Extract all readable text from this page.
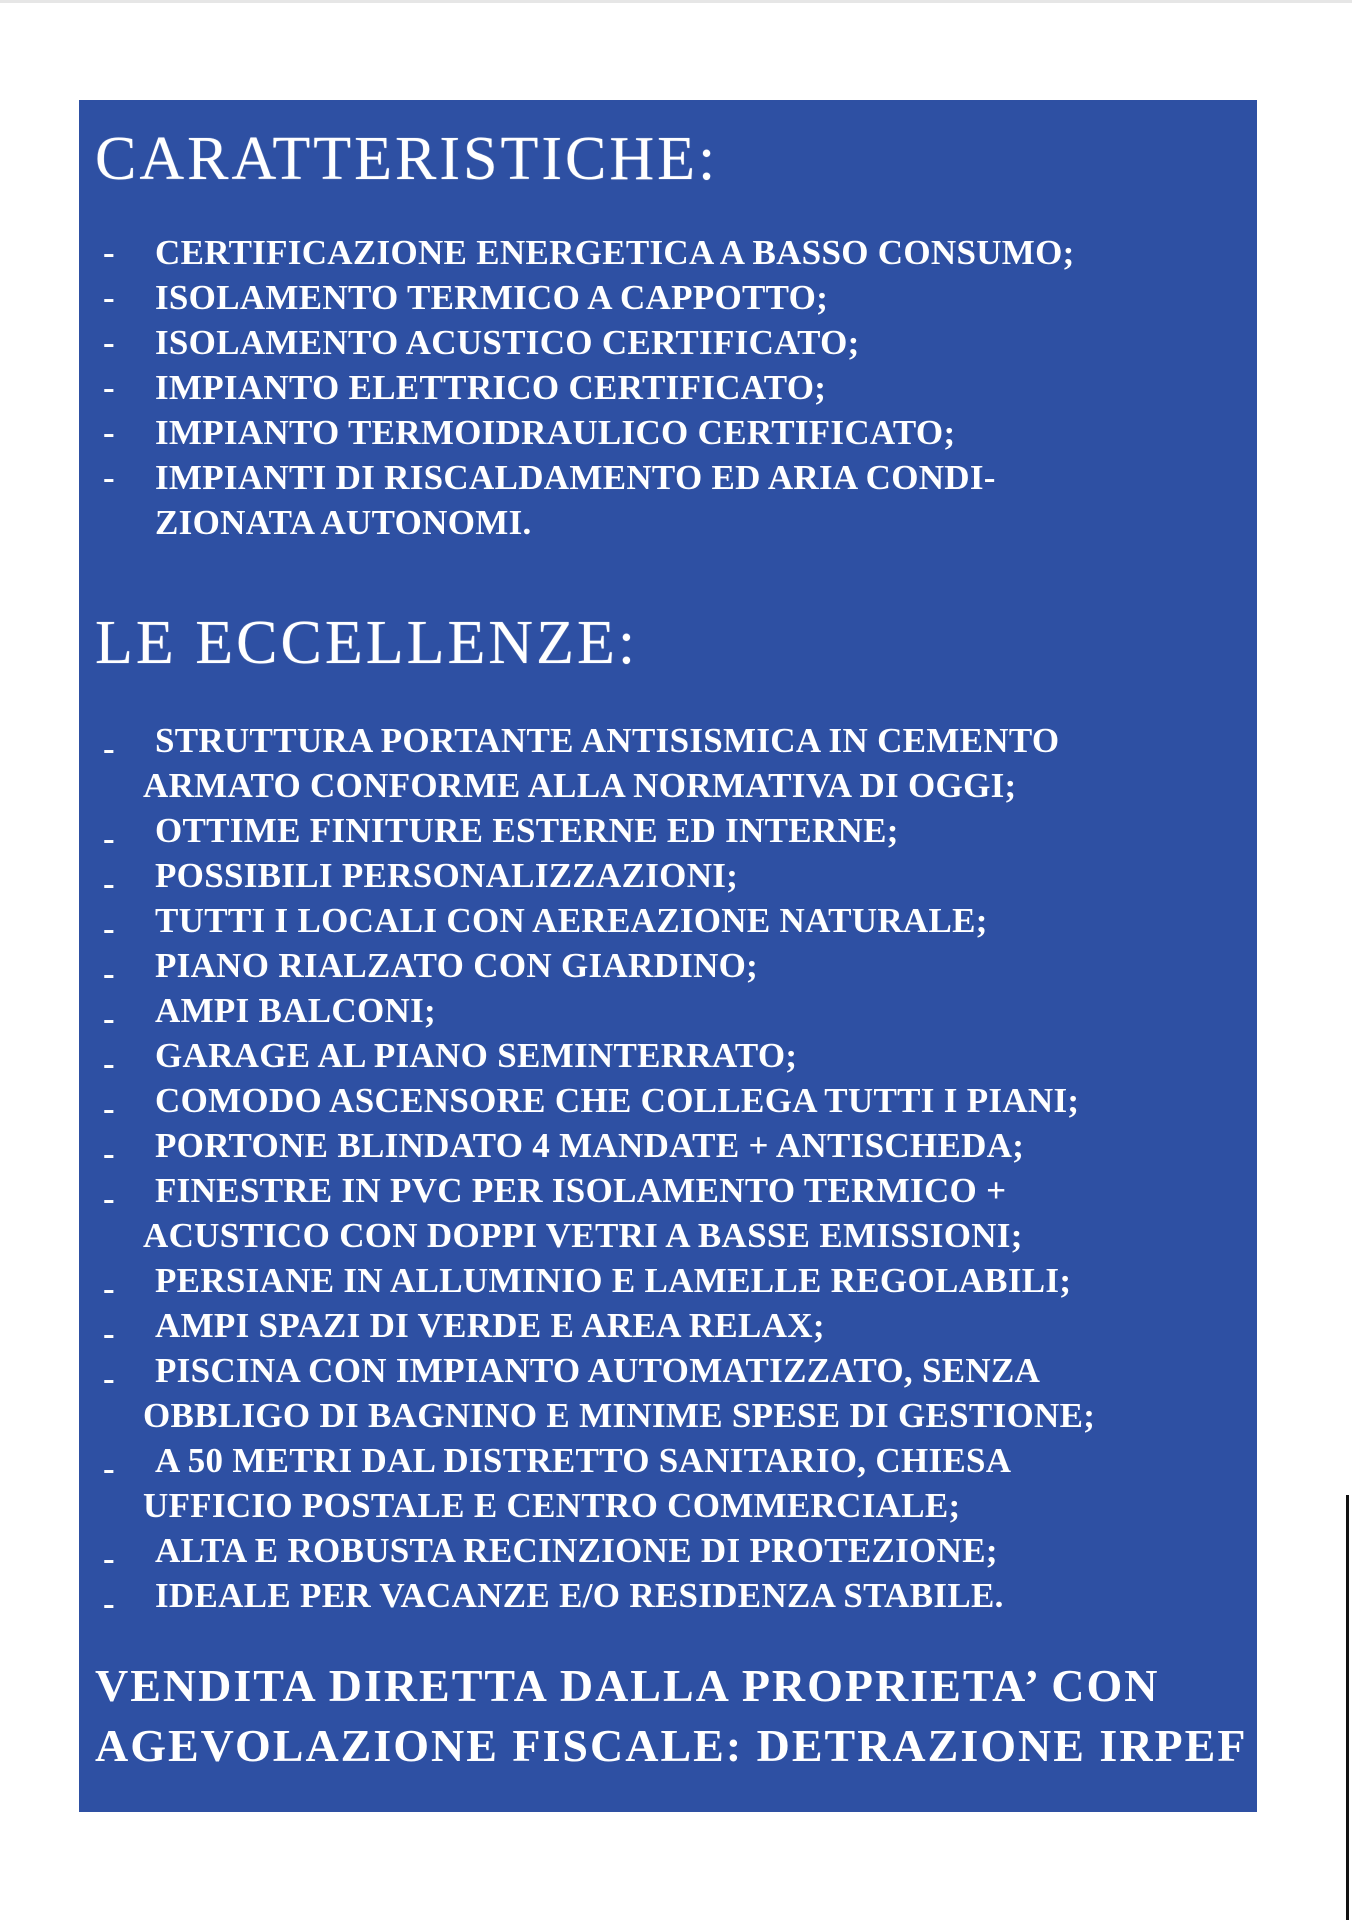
CARATTERISTICHE:
- CERTIFICAZIONE ENERGETICA A BASSO CONSUMO;
- ISOLAMENTO TERMICO A CAPPOTTO;
- ISOLAMENTO ACUSTICO CERTIFICATO;
- IMPIANTO ELETTRICO CERTIFICATO;
- IMPIANTO TERMOIDRAULICO CERTIFICATO;
- IMPIANTI DI RISCALDAMENTO ED ARIA CONDI-
ZIONATA AUTONOMI.
LE ECCELLENZE:
- STRUTTURA PORTANTE ANTISISMICA IN CEMENTO
ARMATO CONFORME ALLA NORMATIVA DI OGGI;
- OTTIME FINITURE ESTERNE ED INTERNE;
- POSSIBILI PERSONALIZZAZIONI;
- TUTTI I LOCALI CON AEREAZIONE NATURALE;
- PIANO RIALZATO CON GIARDINO;
- AMPI BALCONI;
- GARAGE AL PIANO SEMINTERRATO;
- COMODO ASCENSORE CHE COLLEGA TUTTI I PIANI;
- PORTONE BLINDATO 4 MANDATE + ANTISCHEDA;
- FINESTRE IN PVC PER ISOLAMENTO TERMICO +
ACUSTICO CON DOPPI VETRI A BASSE EMISSIONI;
- PERSIANE IN ALLUMINIO E LAMELLE REGOLABILI;
- AMPI SPAZI DI VERDE E AREA RELAX;
- PISCINA CON IMPIANTO AUTOMATIZZATO, SENZA
OBBLIGO DI BAGNINO E MINIME SPESE DI GESTIONE;
- A 50 METRI DAL DISTRETTO SANITARIO, CHIESA
UFFICIO POSTALE E CENTRO COMMERCIALE;
- ALTA E ROBUSTA RECINZIONE DI PROTEZIONE;
- IDEALE PER VACANZE E/O RESIDENZA STABILE.
VENDITA DIRETTA DALLA PROPRIETA’ CON
AGEVOLAZIONE FISCALE: DETRAZIONE IRPEF
